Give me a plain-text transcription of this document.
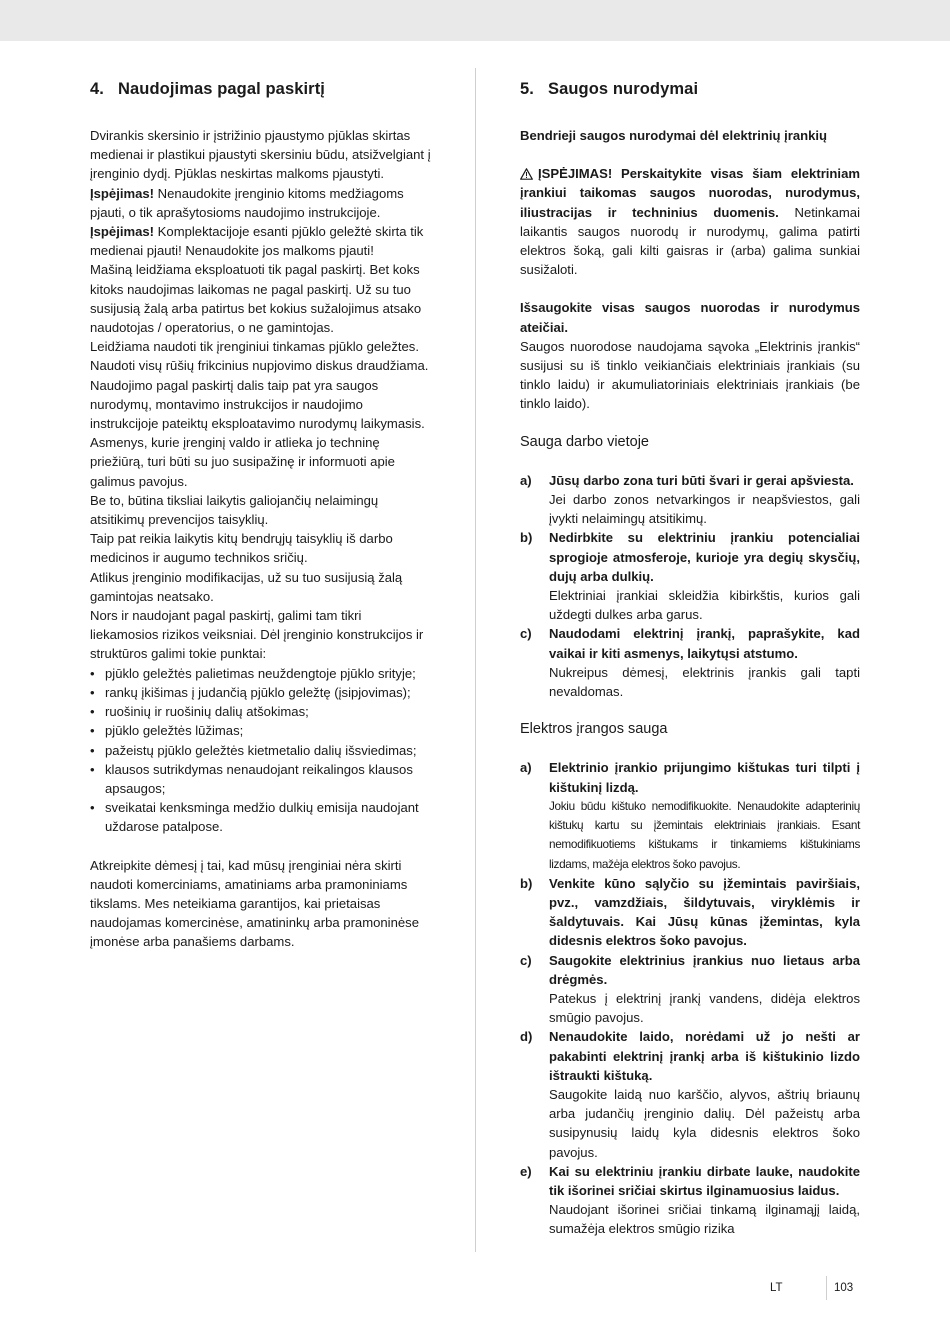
4. Naudojimas pagal paskirtį

Dvirankis skersinio ir įstrižinio pjaustymo pjūklas skirtas medienai ir plastikui pjaustyti skersiniu būdu, atsižvelgiant į įrenginio dydį. Pjūklas neskirtas malkoms pjaustyti.

Įspėjimas! Nenaudokite įrenginio kitoms medžiagoms pjauti, o tik aprašytosioms naudojimo instrukcijoje.

Įspėjimas! Komplektacijoje esanti pjūklo geležtė skirta tik medienai pjauti! Nenaudokite jos malkoms pjauti!

Mašiną leidžiama eksploatuoti tik pagal paskirtį. Bet koks kitoks naudojimas laikomas ne pagal paskirtį. Už su tuo susijusią žalą arba patirtus bet kokius sužalojimus atsako naudotojas / operatorius, o ne gamintojas.

Leidžiama naudoti tik įrenginiui tinkamas pjūklo geležtes. Naudoti visų rūšių frikcinius nupjovimo diskus draudžiama.

Naudojimo pagal paskirtį dalis taip pat yra saugos nurodymų, montavimo instrukcijos ir naudojimo instrukcijoje pateiktų eksploatavimo nurodymų laikymasis.

Asmenys, kurie įrenginį valdo ir atlieka jo techninę priežiūrą, turi būti su juo susipažinę ir informuoti apie galimus pavojus.

Be to, būtina tiksliai laikytis galiojančių nelaimingų atsitikimų prevencijos taisyklių.

Taip pat reikia laikytis kitų bendrųjų taisyklių iš darbo medicinos ir augumo technikos sričių.

Atlikus įrenginio modifikacijas, už su tuo susijusią žalą gamintojas neatsako.

Nors ir naudojant pagal paskirtį, galimi tam tikri liekamosios rizikos veiksniai. Dėl įrenginio konstrukcijos ir struktūros galimi tokie punktai:

• pjūklo geležtės palietimas neuždengtoje pjūklo srityje;
• rankų įkišimas į judančią pjūklo geležtę (įsipjovimas);
• ruošinių ir ruošinių dalių atšokimas;
• pjūklo geležtės lūžimas;
• pažeistų pjūklo geležtės kietmetalio dalių išsviedimas;
• klausos sutrikdymas nenaudojant reikalingos klausos apsaugos;
• sveikatai kenksminga medžio dulkių emisija naudojant uždarose patalpose.

Atkreipkite dėmesį į tai, kad mūsų įrenginiai nėra skirti naudoti komerciniams, amatiniams arba pramoniniams tikslams. Mes neteikiama garantijos, kai prietaisas naudojamas komercinėse, amatininkų arba pramoninėse įmonėse arba panašiems darbams.

5. Saugos nurodymai

Bendrieji saugos nurodymai dėl elektrinių įrankių

ĮSPĖJIMAS! Perskaitykite visas šiam elektriniam įrankiui taikomas saugos nuorodas, nurodymus, iliustracijas ir techninius duomenis. Netinkamai laikantis saugos nuorodų ir nurodymų, galima patirti elektros šoką, gali kilti gaisras ir (arba) galima sunkiai susižaloti.

Išsaugokite visas saugos nuorodas ir nurodymus ateičiai.

Saugos nuorodose naudojama sąvoka „Elektrinis įrankis“ susijusi su iš tinklo veikiančiais elektriniais įrankiais (su tinklo laidu) ir akumuliatoriniais elektriniais įrankiais (be tinklo laido).

Sauga darbo vietoje
a) Jūsų darbo zona turi būti švari ir gerai apšviesta.
Jei darbo zonos netvarkingos ir neapšviestos, gali įvykti nelaimingų atsitikimų.
b) Nedirbkite su elektriniu įrankiu potencialiai sprogioje atmosferoje, kurioje yra degių skysčių, dujų arba dulkių.
Elektriniai įrankiai skleidžia kibirkštis, kurios gali uždegti dulkes arba garus.
c) Naudodami elektrinį įrankį, paprašykite, kad vaikai ir kiti asmenys, laikytųsi atstumo.
Nukreipus dėmesį, elektrinis įrankis gali tapti nevaldomas.
Elektros įrangos sauga
a) Elektrinio įrankio prijungimo kištukas turi tilpti į kištukinį lizdą.
Jokiu būdu kištuko nemodifikuokite. Nenaudokite adapterinių kištukų kartu su įžemintais elektriniais įrankiais. Esant nemodifikuotiems kištukams ir tinkamiems kištukiniams lizdams, mažėja elektros šoko pavojus.
b) Venkite kūno sąlyčio su įžemintais paviršiais, pvz., vamzdžiais, šildytuvais, viryklėmis ir šaldytuvais. Kai Jūsų kūnas įžemintas, kyla didesnis elektros šoko pavojus.
c) Saugokite elektrinius įrankius nuo lietaus arba drėgmės.
Patekus į elektrinį įrankį vandens, didėja elektros smūgio pavojus.
d) Nenaudokite laido, norėdami už jo nešti ar pakabinti elektrinį įrankį arba iš kištukinio lizdo ištraukti kištuką.
Saugokite laidą nuo karščio, alyvos, aštrių briaunų arba judančių įrenginio dalių. Dėl pažeistų arba susipynusių laidų kyla didesnis elektros šoko pavojus.
e) Kai su elektriniu įrankiu dirbate lauke, naudokite tik išorinei sričiai skirtus ilginamuosius laidus.
Naudojant išorinei sričiai tinkamą ilginamąjį laidą, sumažėja elektros smūgio rizika
LT	103
